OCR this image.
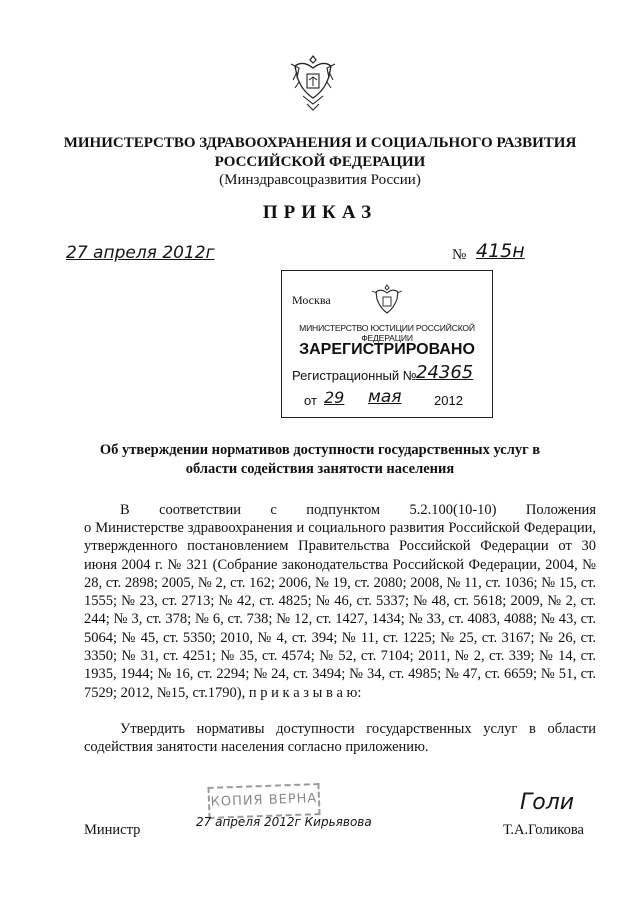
МИНИСТЕРСТВО ЗДРАВООХРАНЕНИЯ И СОЦИАЛЬНОГО РАЗВИТИЯ
РОССИЙСКОЙ ФЕДЕРАЦИИ
(Минздравсоцразвития России)
ПРИКАЗ
27 апреля 2012г	№ 415н
Москва
МИНИСТЕРСТВО ЮСТИЦИИ РОССИЙСКОЙ ФЕДЕРАЦИИ
ЗАРЕГИСТРИРОВАНО
Регистрационный № 24365
от 29 мая	2012
Об утверждении нормативов доступности государственных услуг в
области содействия занятости населения
В соответствии с подпунктом 5.2.100(10-10) Положения
о Министерстве здравоохранения и социального развития Российской Федерации, утвержденного постановлением Правительства Российской Федерации от 30 июня 2004 г. № 321 (Собрание законодательства Российской Федерации, 2004, № 28, ст. 2898; 2005, № 2, ст. 162; 2006, № 19, ст. 2080; 2008, № 11, ст. 1036; № 15, ст. 1555; № 23, ст. 2713; № 42, ст. 4825; № 46, ст. 5337; № 48, ст. 5618; 2009, № 2, ст. 244; № 3, ст. 378; № 6, ст. 738; № 12, ст. 1427, 1434; № 33, ст. 4083, 4088; № 43, ст. 5064; № 45, ст. 5350; 2010, № 4, ст. 394; № 11, ст. 1225; № 25, ст. 3167; № 26, ст. 3350; № 31, ст. 4251; № 35, ст. 4574; № 52, ст. 7104; 2011, № 2, ст. 339; № 14, ст. 1935, 1944; № 16, ст. 2294; № 24, ст. 3494; № 34, ст. 4985; № 47, ст. 6659; № 51, ст. 7529; 2012, №15, ст.1790), п р и к а з ы в а ю:
Утвердить нормативы доступности государственных услуг в области содействия занятости населения согласно приложению.
КОПИЯ ВЕРНА
27 апреля 2012г Кирьявова
Министр
Голи
Т.А.Голикова
